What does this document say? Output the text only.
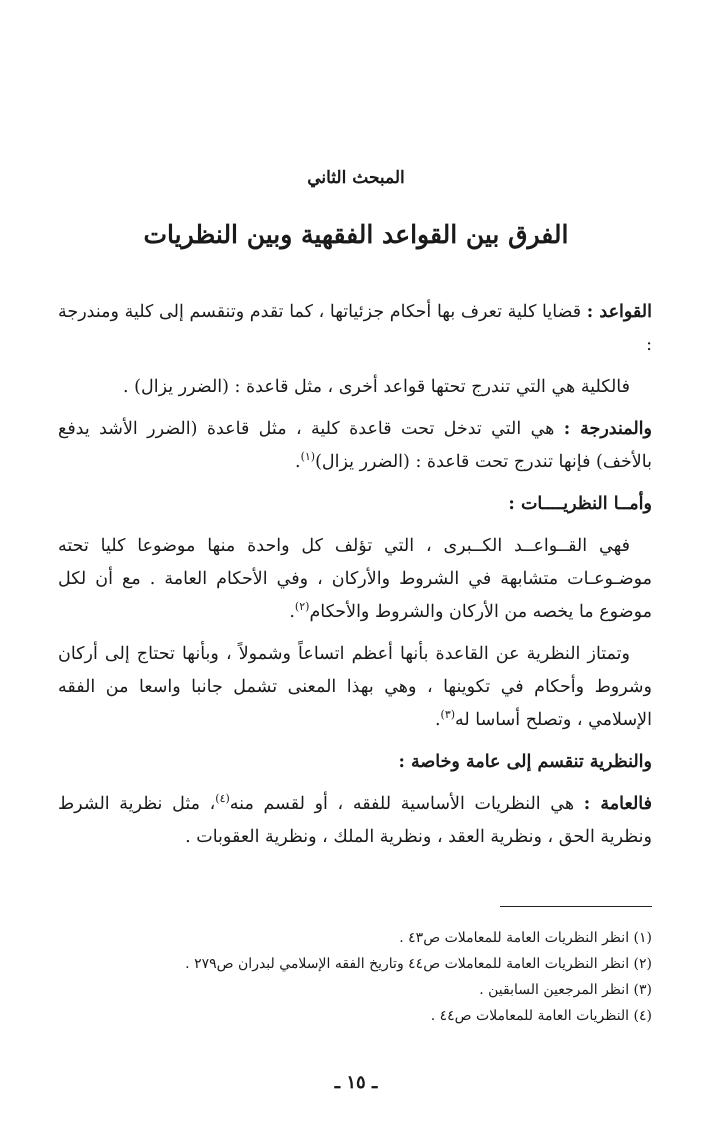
المبحث الثاني
الفرق بين القواعد الفقهية وبين النظريات

القواعد : قضايا كلية تعرف بها أحكام جزئياتها ، كما تقدم وتنقسم إلى كلية ومندرجة :

فالكلية هي التي تندرج تحتها قواعد أخرى ، مثل قاعدة : (الضرر يزال) .

والمندرجة : هي التي تدخل تحت قاعدة كلية ، مثل قاعدة (الضرر الأشد يدفع بالأخف) فإنها تندرج تحت قاعدة : (الضرر يزال)$^{(١)}$.

وأمــا النظريــــات :

فهي القــواعــد الكــبرى ، التي تؤلف كل واحدة منها موضوعا كليا تحته موضـوعـات متشابهة في الشروط والأركان ، وفي الأحكام العامة . مع أن لكل موضوع ما يخصه من الأركان والشروط والأحكام$^{(٢)}$.

وتمتاز النظرية عن القاعدة بأنها أعظم اتساعاً وشمولاً ، وبأنها تحتاج إلى أركان وشروط وأحكام في تكوينها ، وهي بهذا المعنى تشمل جانبا واسعا من الفقه الإسلامي ، وتصلح أساسا له$^{(٣)}$.

والنظرية تنقسم إلى عامة وخاصة :

فالعامة : هي النظريات الأساسية للفقه ، أو لقسم منه$^{(٤)}$، مثل نظرية الشرط ونظرية الحق ، ونظرية العقد ، ونظرية الملك ، ونظرية العقوبات .

(١) انظر النظريات العامة للمعاملات ص٤٣ .
(٢) انظر النظريات العامة للمعاملات ص٤٤ وتاريخ الفقه الإسلامي لبدران ص٢٧٩ .
(٣) انظر المرجعين السابقين .
(٤) النظريات العامة للمعاملات ص٤٤ .
ـ ١٥ ـ
